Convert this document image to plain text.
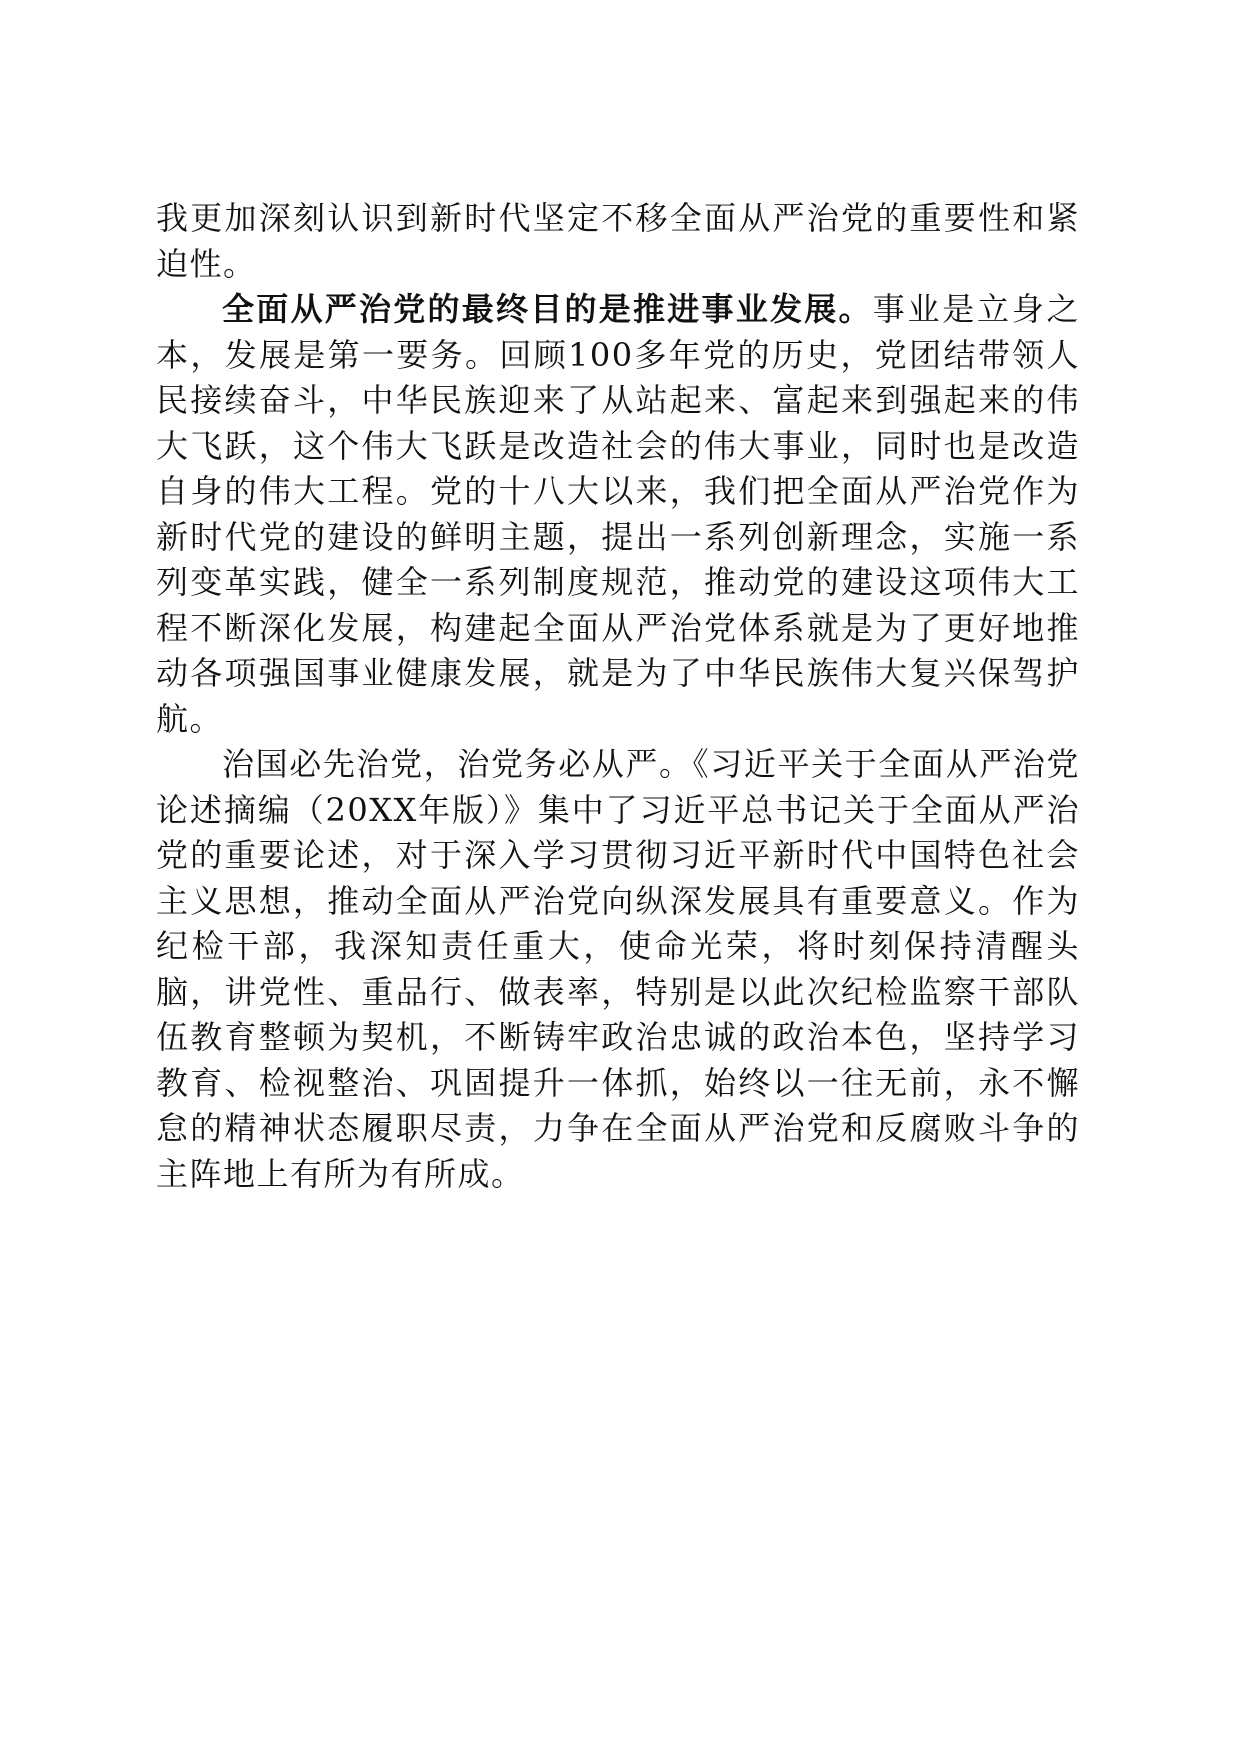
我更加深刻认识到新时代坚定不移全面从严治党的重要性和紧迫性。

全面从严治党的最终目的是推进事业发展。事业是立身之本，发展是第一要务。回顾100多年党的历史，党团结带领人民接续奋斗，中华民族迎来了从站起来、富起来到强起来的伟大飞跃，这个伟大飞跃是改造社会的伟大事业，同时也是改造自身的伟大工程。党的十八大以来，我们把全面从严治党作为新时代党的建设的鲜明主题，提出一系列创新理念，实施一系列变革实践，健全一系列制度规范，推动党的建设这项伟大工程不断深化发展，构建起全面从严治党体系就是为了更好地推动各项强国事业健康发展，就是为了中华民族伟大复兴保驾护航。

治国必先治党，治党务必从严。《习近平关于全面从严治党论述摘编（20XX年版）》集中了习近平总书记关于全面从严治党的重要论述，对于深入学习贯彻习近平新时代中国特色社会主义思想，推动全面从严治党向纵深发展具有重要意义。作为纪检干部，我深知责任重大，使命光荣，将时刻保持清醒头脑，讲党性、重品行、做表率，特别是以此次纪检监察干部队伍教育整顿为契机，不断铸牢政治忠诚的政治本色，坚持学习教育、检视整治、巩固提升一体抓，始终以一往无前，永不懈怠的精神状态履职尽责，力争在全面从严治党和反腐败斗争的主阵地上有所为有所成。
